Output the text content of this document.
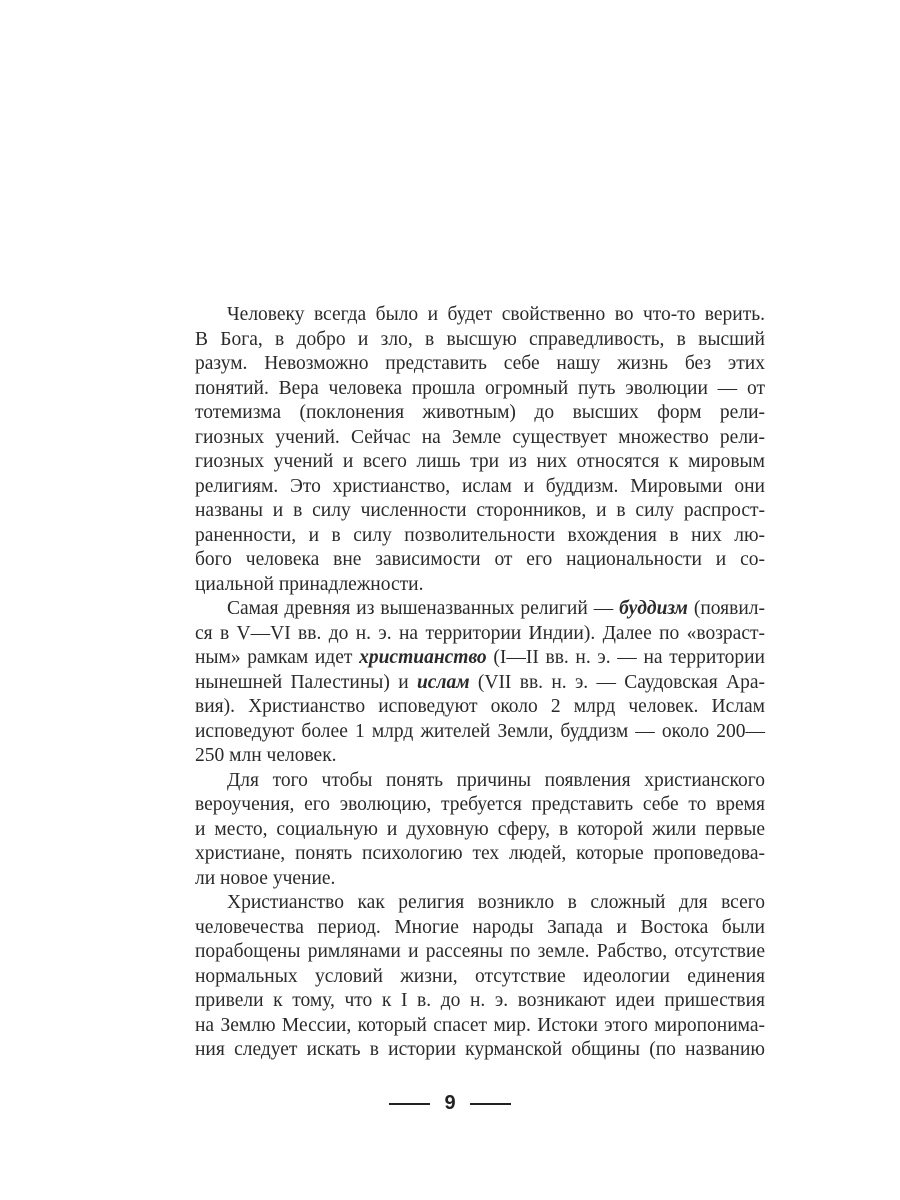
Человеку всегда было и будет свойственно во что-то верить.
В Бога, в добро и зло, в высшую справедливость, в высший
разум. Невозможно представить себе нашу жизнь без этих
понятий. Вера человека прошла огромный путь эволюции — от
тотемизма (поклонения животным) до высших форм рели-
гиозных учений. Сейчас на Земле существует множество рели-
гиозных учений и всего лишь три из них относятся к мировым
религиям. Это христианство, ислам и буддизм. Мировыми они
названы и в силу численности сторонников, и в силу распрост-
раненности, и в силу позволительности вхождения в них лю-
бого человека вне зависимости от его национальности и со-
циальной принадлежности.
Самая древняя из вышеназванных религий — буддизм (появил-
ся в V—VI вв. до н. э. на территории Индии). Далее по «возраст-
ным» рамкам идет христианство (I—II вв. н. э. — на территории
нынешней Палестины) и ислам (VII вв. н. э. — Саудовская Ара-
вия). Христианство исповедуют около 2 млрд человек. Ислам
исповедуют более 1 млрд жителей Земли, буддизм — около 200—
250 млн человек.
Для того чтобы понять причины появления христианского
вероучения, его эволюцию, требуется представить себе то время
и место, социальную и духовную сферу, в которой жили первые
христиане, понять психологию тех людей, которые проповедова-
ли новое учение.
Христианство как религия возникло в сложный для всего
человечества период. Многие народы Запада и Востока были
порабощены римлянами и рассеяны по земле. Рабство, отсутствие
нормальных условий жизни, отсутствие идеологии единения
привели к тому, что к I в. до н. э. возникают идеи пришествия
на Землю Мессии, который спасет мир. Истоки этого миропонима-
ния следует искать в истории курманской общины (по названию
9
